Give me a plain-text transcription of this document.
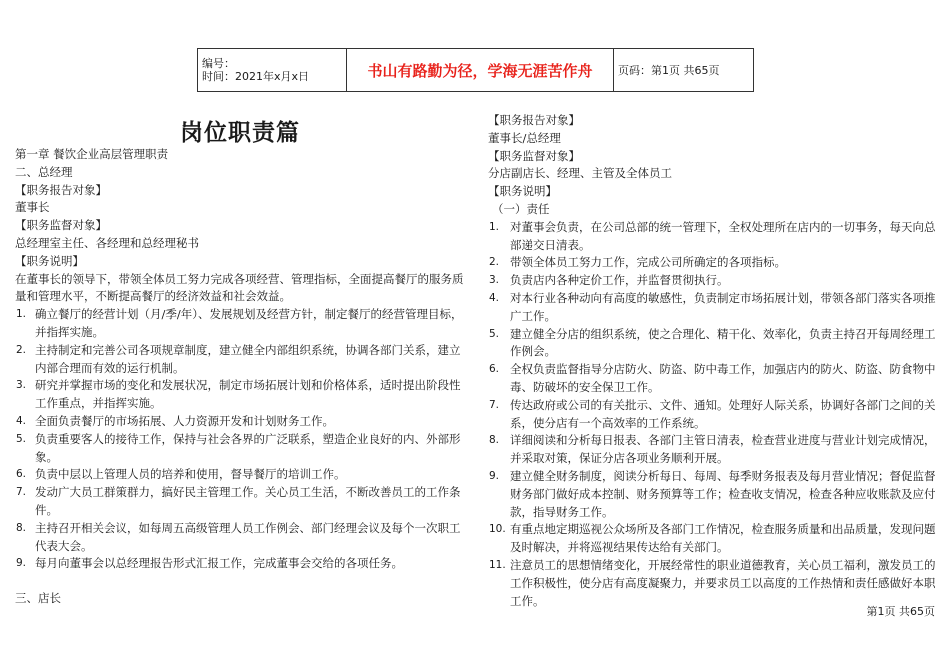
编号：
时间：2021年x月x日	书山有路勤为径，学海无涯苦作舟	页码：第1页 共65页
岗位职责篇

第一章 餐饮企业高层管理职责

二、总经理

【职务报告对象】

董事长

【职务监督对象】

总经理室主任、各经理和总经理秘书

【职务说明】

在董事长的领导下，带领全体员工努力完成各项经营、管理指标，全面提高餐厅的服务质量和管理水平，不断提高餐厅的经济效益和社会效益。

1. 确立餐厅的经营计划（月/季/年）、发展规划及经营方针，制定餐厅的经营管理目标，并指挥实施。
2. 主持制定和完善公司各项规章制度，建立健全内部组织系统，协调各部门关系，建立内部合理而有效的运行机制。
3. 研究并掌握市场的变化和发展状况，制定市场拓展计划和价格体系，适时提出阶段性工作重点，并指挥实施。
4. 全面负责餐厅的市场拓展、人力资源开发和计划财务工作。
5. 负责重要客人的接待工作，保持与社会各界的广泛联系，塑造企业良好的内、外部形象。
6. 负责中层以上管理人员的培养和使用，督导餐厅的培训工作。
7. 发动广大员工群策群力，搞好民主管理工作。关心员工生活，不断改善员工的工作条件。
8. 主持召开相关会议，如每周五高级管理人员工作例会、部门经理会议及每个一次职工代表大会。
9. 每月向董事会以总经理报告形式汇报工作，完成董事会交给的各项任务。

三、店长

【职务报告对象】

董事长/总经理

【职务监督对象】

分店副店长、经理、主管及全体员工

【职务说明】

（一）责任

1. 对董事会负责，在公司总部的统一管理下，全权处理所在店内的一切事务，每天向总部递交日清表。
2. 带领全体员工努力工作，完成公司所确定的各项指标。
3. 负责店内各种定价工作，并监督贯彻执行。
4. 对本行业各种动向有高度的敏感性，负责制定市场拓展计划，带领各部门落实各项推广工作。
5. 建立健全分店的组织系统，使之合理化、精干化、效率化，负责主持召开每周经理工作例会。
6. 全权负责监督指导分店防火、防盗、防中毒工作，加强店内的防火、防盗、防食物中毒、防破坏的安全保卫工作。
7. 传达政府或公司的有关批示、文件、通知。处理好人际关系，协调好各部门之间的关系，使分店有一个高效率的工作系统。
8. 详细阅读和分析每日报表、各部门主管日清表，检查营业进度与营业计划完成情况，并采取对策，保证分店各项业务顺利开展。
9. 建立健全财务制度，阅读分析每日、每周、每季财务报表及每月营业情况；督促监督财务部门做好成本控制、财务预算等工作；检查收支情况，检查各种应收账款及应付款，指导财务工作。
10. 有重点地定期巡视公众场所及各部门工作情况，检查服务质量和出品质量，发现问题及时解决，并将巡视结果传达给有关部门。
11. 注意员工的思想情绪变化，开展经常性的职业道德教育，关心员工福利，激发员工的工作积极性，使分店有高度凝聚力，并要求员工以高度的工作热情和责任感做好本职工作。
第1页 共65页
